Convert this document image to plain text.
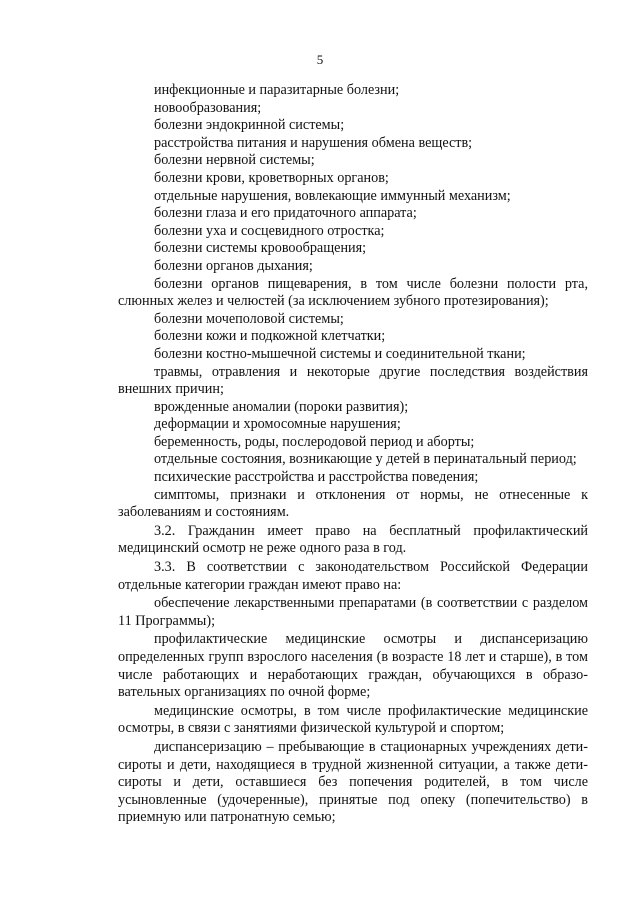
5

инфекционные и паразитарные болезни;

новообразования;

болезни эндокринной системы;

расстройства питания и нарушения обмена веществ;

болезни нервной системы;

болезни крови, кроветворных органов;

отдельные нарушения, вовлекающие иммунный механизм;

болезни глаза и его придаточного аппарата;

болезни уха и сосцевидного отростка;

болезни системы кровообращения;

болезни органов дыхания;

болезни органов пищеварения, в том числе болезни полости рта, слюнных желез и челюстей (за исключением зубного протезирования);

болезни мочеполовой системы;

болезни кожи и подкожной клетчатки;

болезни костно-мышечной системы и соединительной ткани;

травмы, отравления и некоторые другие последствия воздействия внешних причин;

врожденные аномалии (пороки развития);

деформации и хромосомные нарушения;

беременность, роды, послеродовой период и аборты;

отдельные состояния, возникающие у детей в перинатальный период;

психические расстройства и расстройства поведения;

симптомы, признаки и отклонения от нормы, не отнесенные к заболеваниям и состояниям.

3.2. Гражданин имеет право на бесплатный профилактический медицинский осмотр не реже одного раза в год.

3.3. В соответствии с законодательством Российской Федерации отдельные категории граждан имеют право на:

обеспечение лекарственными препаратами (в соответствии с разделом 11 Программы);

профилактические медицинские осмотры и диспансеризацию определенных групп взрослого населения (в возрасте 18 лет и старше), в том числе работающих и неработающих граждан, обучающихся в образо-вательных организациях по очной форме;

медицинские осмотры, в том числе профилактические медицинские осмотры, в связи с занятиями физической культурой и спортом;

диспансеризацию – пребывающие в стационарных учреждениях дети-сироты и дети, находящиеся в трудной жизненной ситуации, а также дети-сироты и дети, оставшиеся без попечения родителей, в том числе усыновленные (удочеренные), принятые под опеку (попечительство) в приемную или патронатную семью;
